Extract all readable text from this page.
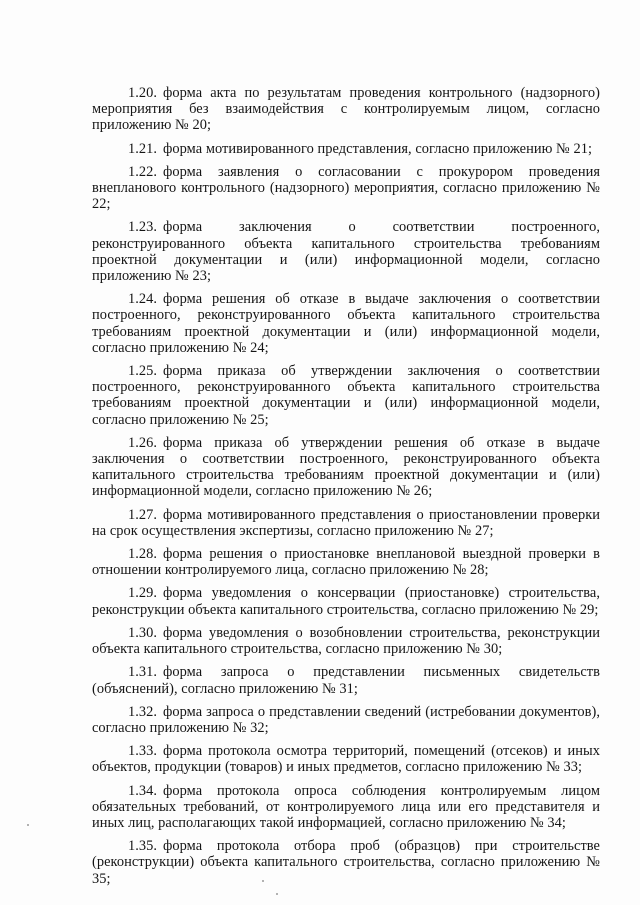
1.20. форма акта по результатам проведения контрольного (надзорного) мероприятия без взаимодействия с контролируемым лицом, согласно приложению № 20;

1.21. форма мотивированного представления, согласно приложению № 21;

1.22. форма заявления о согласовании с прокурором проведения внепланового контрольного (надзорного) мероприятия, согласно приложению № 22;

1.23. форма заключения о соответствии построенного, реконструированного объекта капитального строительства требованиям проектной документации и (или) информационной модели, согласно приложению № 23;

1.24. форма решения об отказе в выдаче заключения о соответствии построенного, реконструированного объекта капитального строительства требованиям проектной документации и (или) информационной модели, согласно приложению № 24;

1.25. форма приказа об утверждении заключения о соответствии построенного, реконструированного объекта капитального строительства требованиям проектной документации и (или) информационной модели, согласно приложению № 25;

1.26. форма приказа об утверждении решения об отказе в выдаче заключения о соответствии построенного, реконструированного объекта капитального строительства требованиям проектной документации и (или) информационной модели, согласно приложению № 26;

1.27. форма мотивированного представления о приостановлении проверки на срок осуществления экспертизы, согласно приложению № 27;

1.28. форма решения о приостановке внеплановой выездной проверки в отношении контролируемого лица, согласно приложению № 28;

1.29. форма уведомления о консервации (приостановке) строительства, реконструкции объекта капитального строительства, согласно приложению № 29;

1.30. форма уведомления о возобновлении строительства, реконструкции объекта капитального строительства, согласно приложению № 30;

1.31. форма запроса о представлении письменных свидетельств (объяснений), согласно приложению № 31;

1.32. форма запроса о представлении сведений (истребовании документов), согласно приложению № 32;

1.33. форма протокола осмотра территорий, помещений (отсеков) и иных объектов, продукции (товаров) и иных предметов, согласно приложению № 33;

1.34. форма протокола опроса соблюдения контролируемым лицом обязательных требований, от контролируемого лица или его представителя и иных лиц, располагающих такой информацией, согласно приложению № 34;

1.35. форма протокола отбора проб (образцов) при строительстве (реконструкции) объекта капитального строительства, согласно приложению № 35;
